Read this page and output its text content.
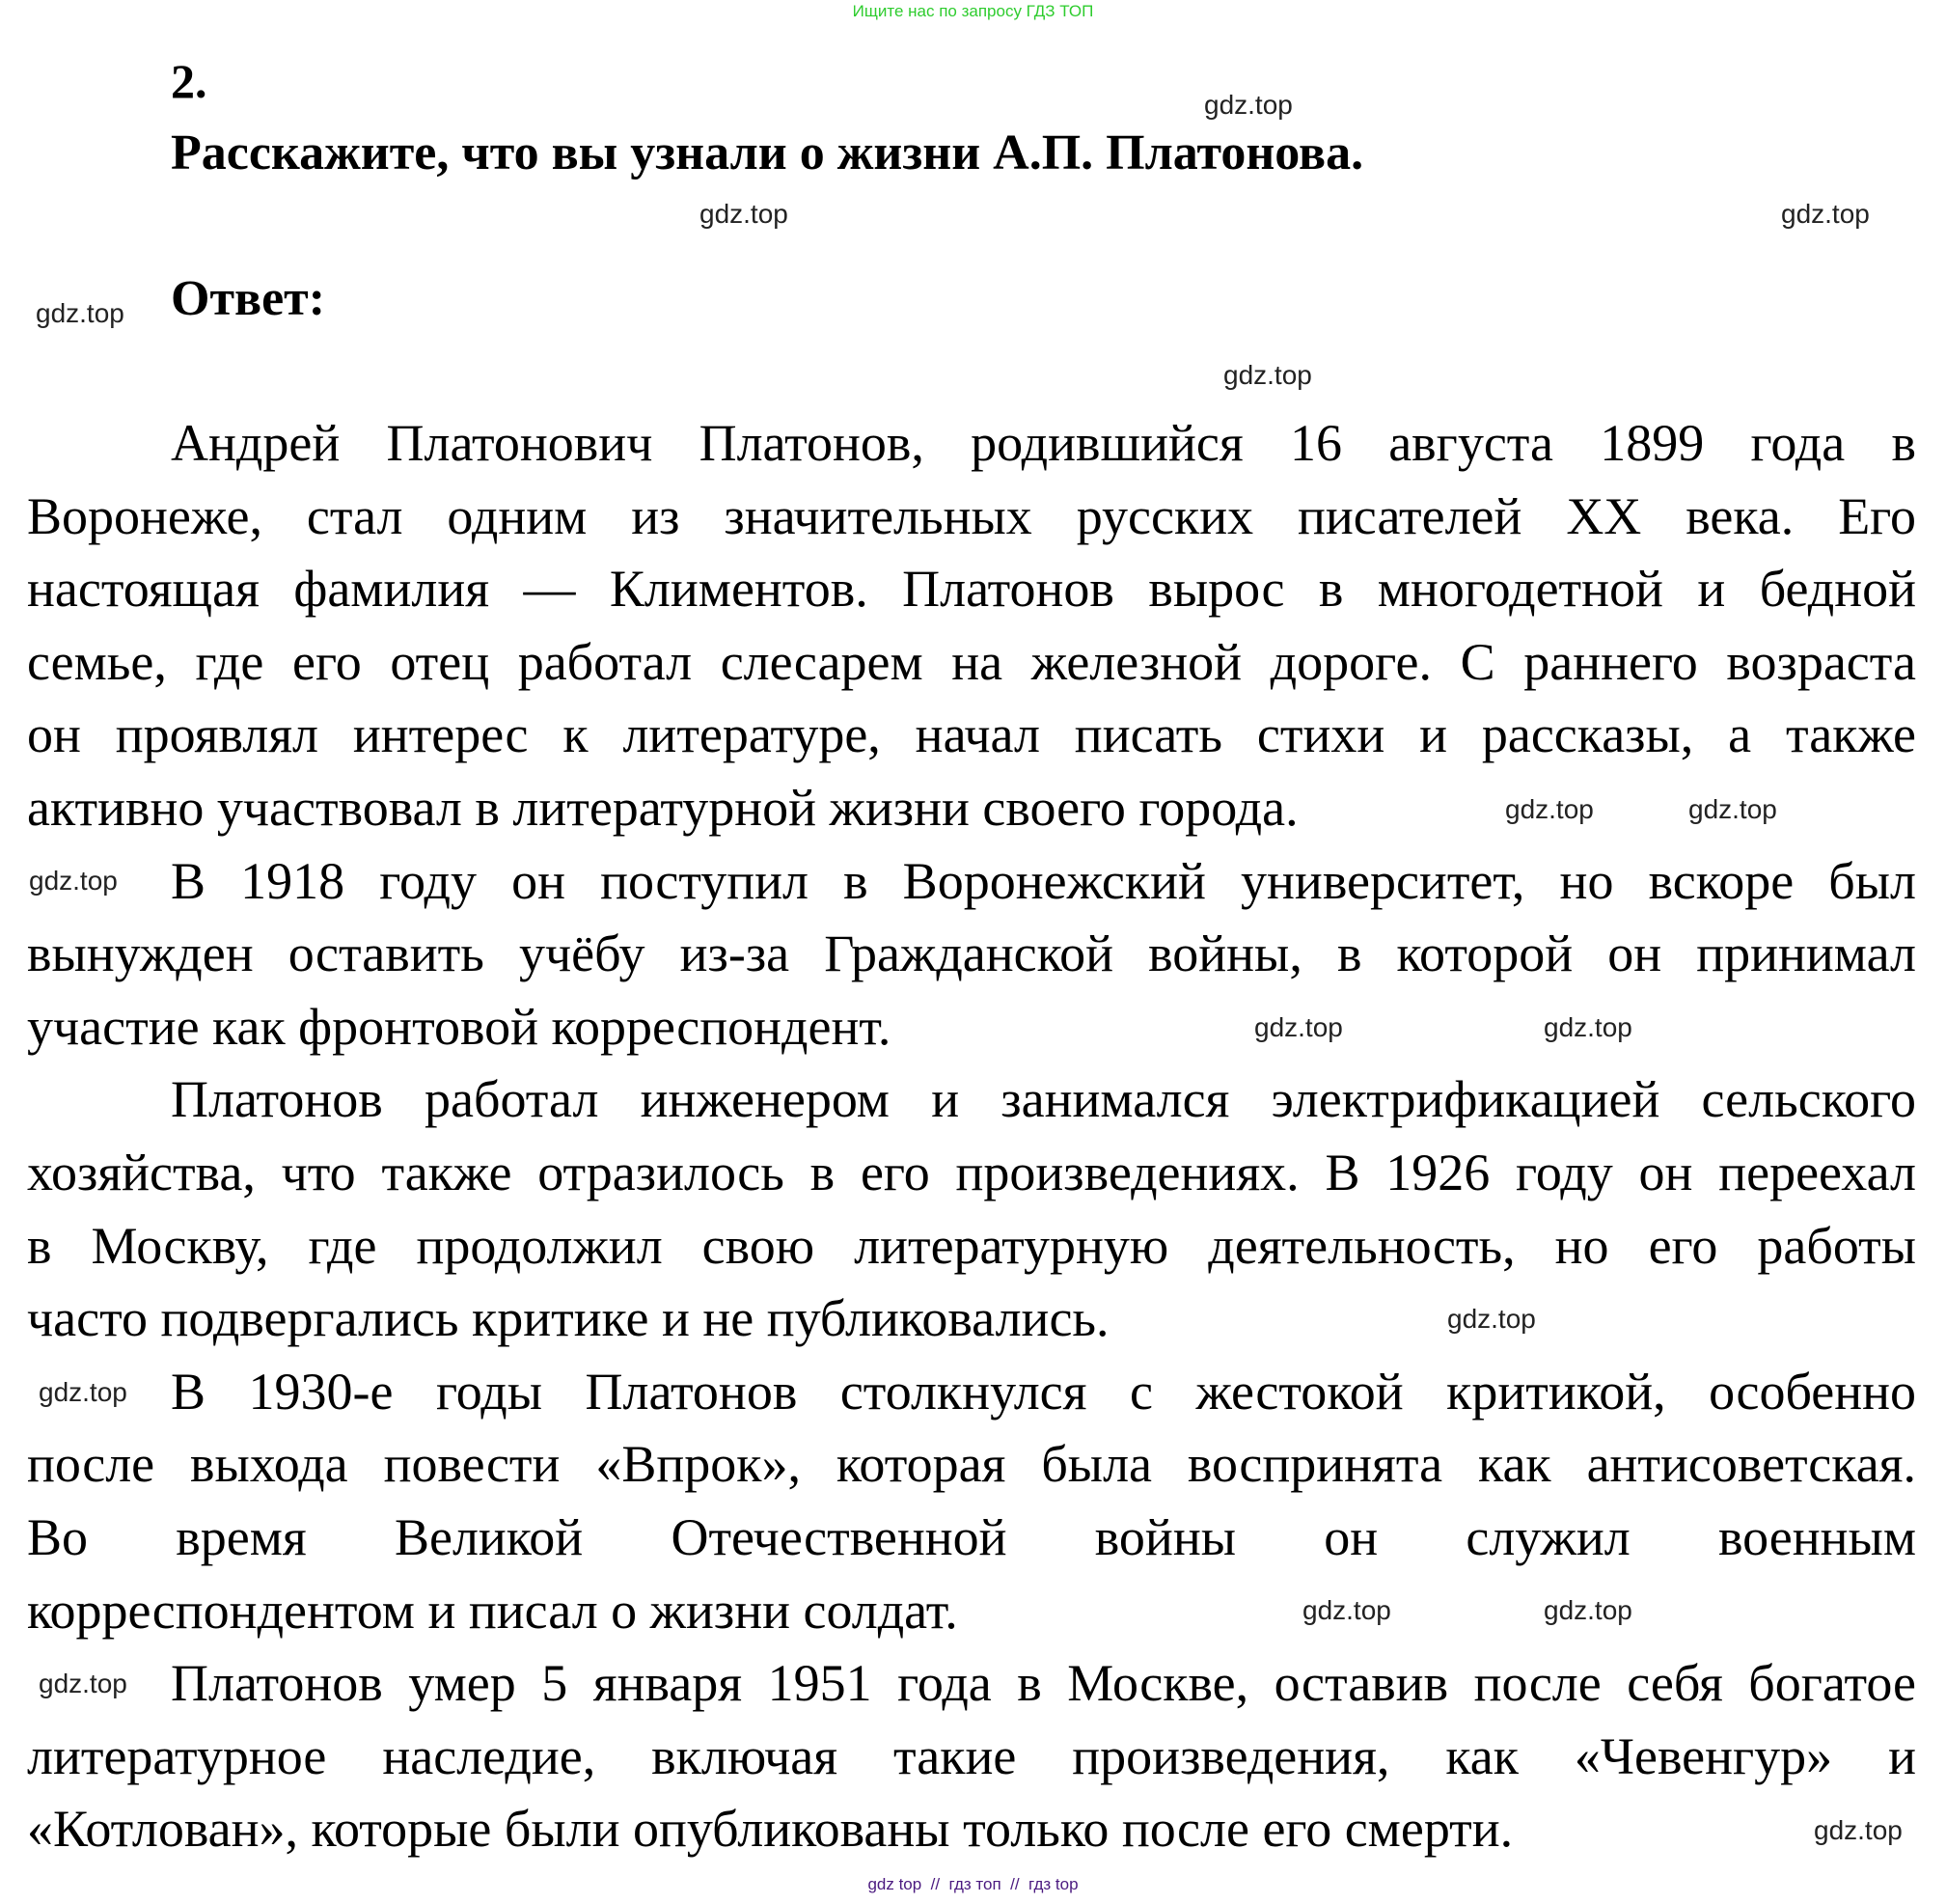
Ищите нас по запросу ГДЗ ТОП
2.
Расскажите, что вы узнали о жизни А.П. Платонова.
Ответ:
Андрей Платонович Платонов, родившийся 16 августа 1899 года в
Воронеже, стал одним из значительных русских писателей XX века. Его
настоящая фамилия — Климентов. Платонов вырос в многодетной и бедной
семье, где его отец работал слесарем на железной дороге. С раннего возраста
он проявлял интерес к литературе, начал писать стихи и рассказы, а также
активно участвовал в литературной жизни своего города.
В 1918 году он поступил в Воронежский университет, но вскоре был
вынужден оставить учёбу из-за Гражданской войны, в которой он принимал
участие как фронтовой корреспондент.
Платонов работал инженером и занимался электрификацией сельского
хозяйства, что также отразилось в его произведениях. В 1926 году он переехал
в Москву, где продолжил свою литературную деятельность, но его работы
часто подвергались критике и не публиковались.
В 1930-е годы Платонов столкнулся с жестокой критикой, особенно
после выхода повести «Впрок», которая была воспринята как антисоветская.
Во время Великой Отечественной войны он служил военным
корреспондентом и писал о жизни солдат.
Платонов умер 5 января 1951 года в Москве, оставив после себя богатое
литературное наследие, включая такие произведения, как «Чевенгур» и
«Котлован», которые были опубликованы только после его смерти.
gdz.top
gdz.top
gdz.top
gdz.top
gdz.top
gdz.top
gdz.top
gdz.top
gdz.top
gdz.top
gdz.top
gdz.top
gdz.top	gdz.top
gdz.top
gdz.top
gdz top  //  гдз топ  //  гдз top
